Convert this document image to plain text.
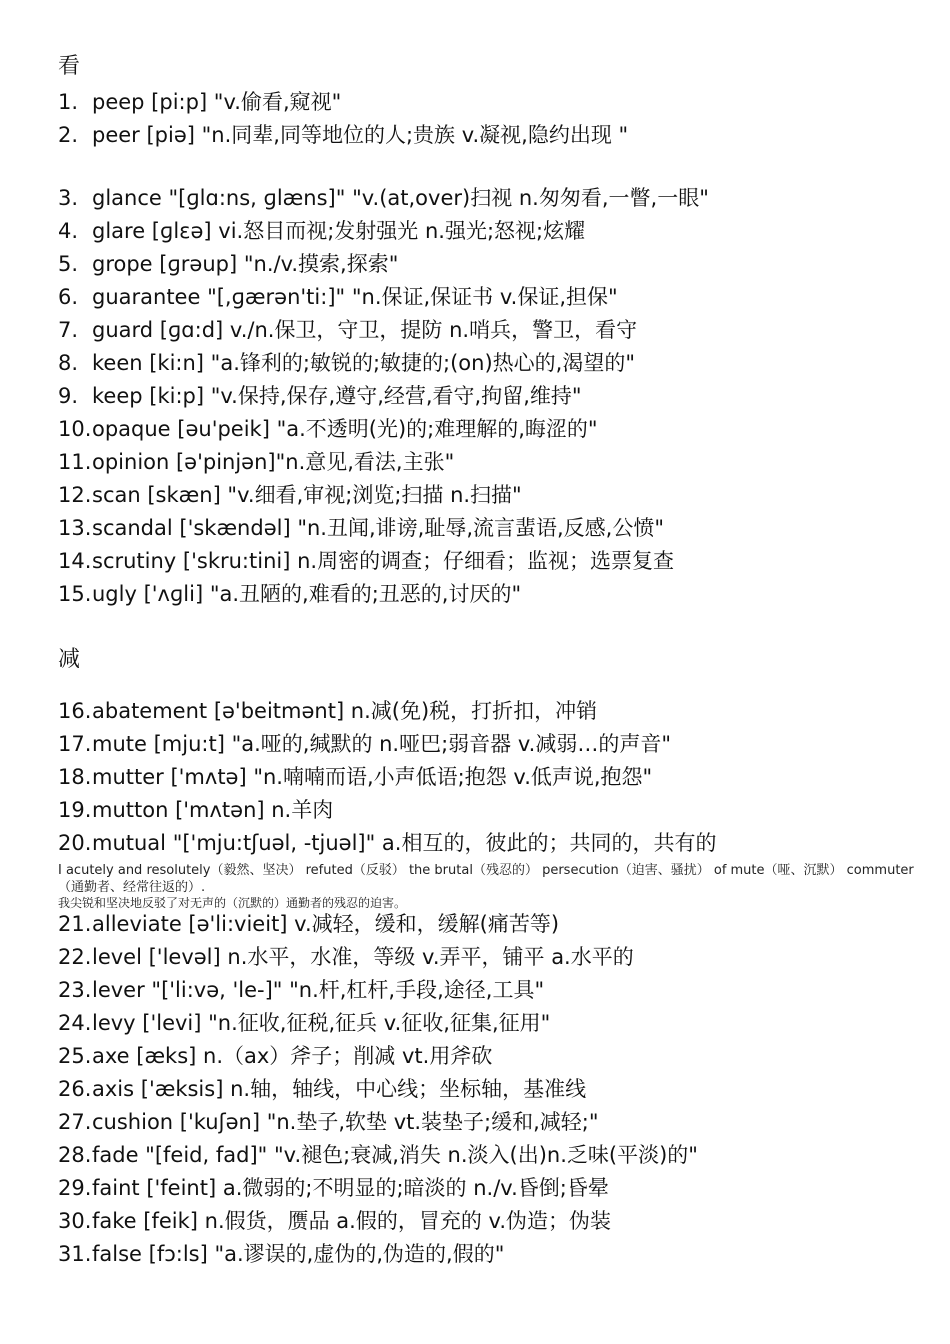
看
1. peep [pi:p] "v.偷看,窥视"
2. peer [piə] "n.同辈,同等地位的人;贵族 v.凝视,隐约出现 "
3. glance "[ɡlɑ:ns, ɡlæns]" "v.(at,over)扫视 n.匆匆看,一瞥,一眼"
4. glare [ɡlεə] vi.怒目而视;发射强光 n.强光;怒视;炫耀
5. grope [ɡrəup] "n./v.摸索,探索"
6. guarantee "[,ɡærən'ti:]" "n.保证,保证书 v.保证,担保"
7. guard [ɡɑ:d] v./n.保卫，守卫，提防 n.哨兵，警卫，看守
8. keen [ki:n] "a.锋利的;敏锐的;敏捷的;(on)热心的,渴望的"
9. keep [ki:p] "v.保持,保存,遵守,经营,看守,拘留,维持"
10. opaque [əu'peik] "a.不透明(光)的;难理解的,晦涩的"
11. opinion [ə'pinjən]"n.意见,看法,主张"
12. scan [skæn] "v.细看,审视;浏览;扫描 n.扫描"
13. scandal ['skændəl] "n.丑闻,诽谤,耻辱,流言蜚语,反感,公愤"
14. scrutiny ['skru:tini] n.周密的调查；仔细看；监视；选票复查
15. ugly ['ʌɡli] "a.丑陋的,难看的;丑恶的,讨厌的"
减
16. abatement [ə'beitmənt] n.减(免)税，打折扣，冲销
17. mute [mju:t] "a.哑的,缄默的 n.哑巴;弱音器 v.减弱…的声音"
18. mutter ['mʌtə] "n.喃喃而语,小声低语;抱怨 v.低声说,抱怨"
19. mutton ['mʌtən] n.羊肉
20. mutual "['mju:tʃuəl, -tjuəl]" a.相互的，彼此的；共同的，共有的
I acutely and resolutely（毅然、坚决） refuted（反驳） the brutal（残忍的） persecution（迫害、骚扰） of mute（哑、沉默） commuter（通勤者、经常往返的）.
我尖锐和坚决地反驳了对无声的（沉默的）通勤者的残忍的迫害。
21. alleviate [ə'li:vieit] v.减轻，缓和，缓解(痛苦等)
22. level ['levəl] n.水平，水准，等级 v.弄平，铺平 a.水平的
23. lever "['li:və, 'le-]" "n.杆,杠杆,手段,途径,工具"
24. levy ['levi] "n.征收,征税,征兵 v.征收,征集,征用"
25. axe [æks] n.（ax）斧子；削减 vt.用斧砍
26. axis ['æksis] n.轴，轴线，中心线；坐标轴，基准线
27. cushion ['kuʃən] "n.垫子,软垫 vt.装垫子;缓和,减轻;"
28. fade "[feid, fad]" "v.褪色;衰减,消失 n.淡入(出)n.乏味(平淡)的"
29. faint ['feint] a.微弱的;不明显的;暗淡的 n./v.昏倒;昏晕
30. fake [feik] n.假货，赝品 a.假的，冒充的 v.伪造；伪装
31. false [fɔ:ls] "a.谬误的,虚伪的,伪造的,假的"
